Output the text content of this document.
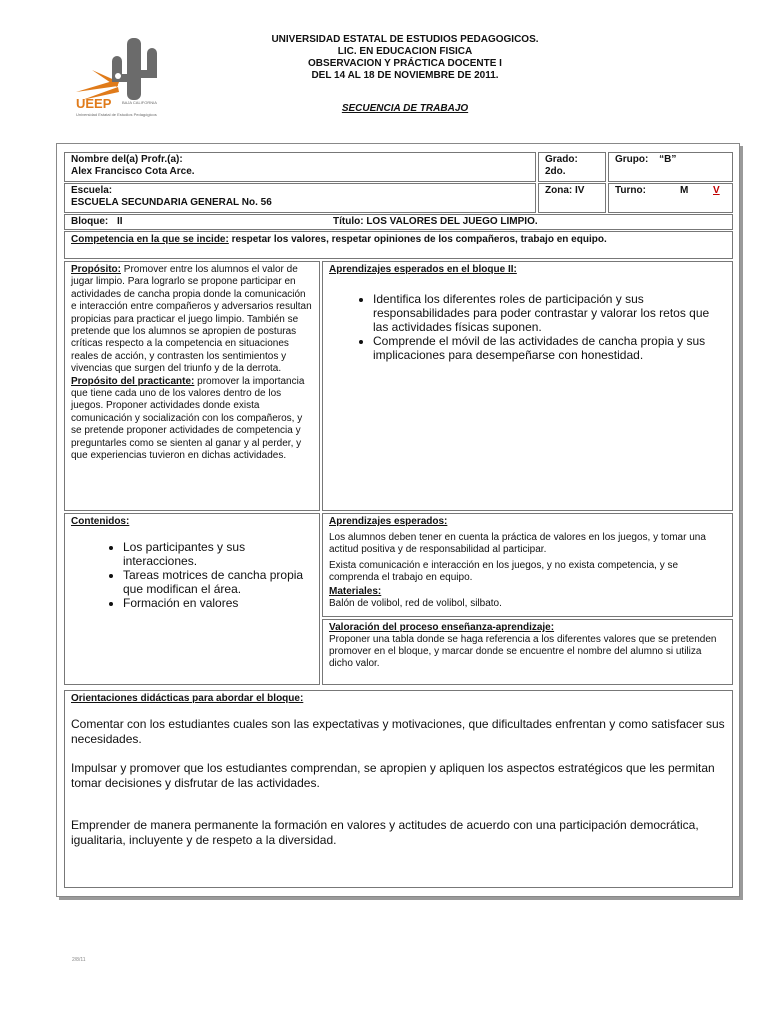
UEEP	BAJA CALIFORNIA
Universidad Estatal de Estudios Pedagógicos
UNIVERSIDAD ESTATAL DE ESTUDIOS PEDAGOGICOS.
LIC. EN EDUCACION FISICA
OBSERVACION Y PRÁCTICA DOCENTE I
DEL 14 AL 18 DE NOVIEMBRE DE 2011.
SECUENCIA DE TRABAJO
Nombre del(a) Profr.(a):
Alex Francisco Cota Arce.
Grado:
2do.
Grupo: “B”
Escuela:
ESCUELA SECUNDARIA GENERAL No. 56
Zona: IV	Turno:	M V
Bloque: II	Título: LOS VALORES DEL JUEGO LIMPIO.
Competencia en la que se incide: respetar los valores, respetar opiniones de los compañeros, trabajo en equipo.

Propósito: Promover entre los alumnos el valor de jugar limpio. Para lograrlo se propone participar en actividades de cancha propia donde la comunicación e interacción entre compañeros y adversarios resultan propicias para practicar el juego limpio. También se pretende que los alumnos se apropien de posturas críticas respecto a la competencia en situaciones reales de acción, y contrasten los sentimientos y vivencias que surgen del triunfo y de la derrota.

Propósito del practicante: promover la importancia que tiene cada uno de los valores dentro de los juegos. Proponer actividades donde exista comunicación y socialización con los compañeros, y se pretende proponer actividades de competencia y preguntarles como se sienten al ganar y al perder, y que experiencias tuvieron en dichas actividades.

Aprendizajes esperados en el bloque II:
• Identifica los diferentes roles de participación y sus responsabilidades para poder contrastar y valorar los retos que las actividades físicas suponen.
• Comprende el móvil de las actividades de cancha propia y sus implicaciones para desempeñarse con honestidad.
Contenidos:
• Los participantes y sus interacciones.
• Tareas motrices de cancha propia que modifican el área.
• Formación en valores
Aprendizajes esperados:

Los alumnos deben tener en cuenta la práctica de valores en los juegos, y tomar una actitud positiva y de responsabilidad al participar.

Exista comunicación e interacción en los juegos, y no exista competencia, y se comprenda el trabajo en equipo.

Materiales:
Balón de volibol, red de volibol, silbato.
Valoración del proceso enseñanza-aprendizaje:

Proponer una tabla donde se haga referencia a los diferentes valores que se pretenden promover en el bloque, y marcar donde se encuentre el nombre del alumno si utiliza dicho valor.

Orientaciones didácticas para abordar el bloque:

Comentar con los estudiantes cuales son las expectativas y motivaciones, que dificultades enfrentan y como satisfacer sus necesidades.

Impulsar y promover que los estudiantes comprendan, se apropien y apliquen los aspectos estratégicos que les permitan tomar decisiones y disfrutar de las actividades.

Emprender de manera permanente la formación en valores y actitudes de acuerdo con una participación democrática, igualitaria, incluyente y de respeto a la diversidad.

2/8/11
